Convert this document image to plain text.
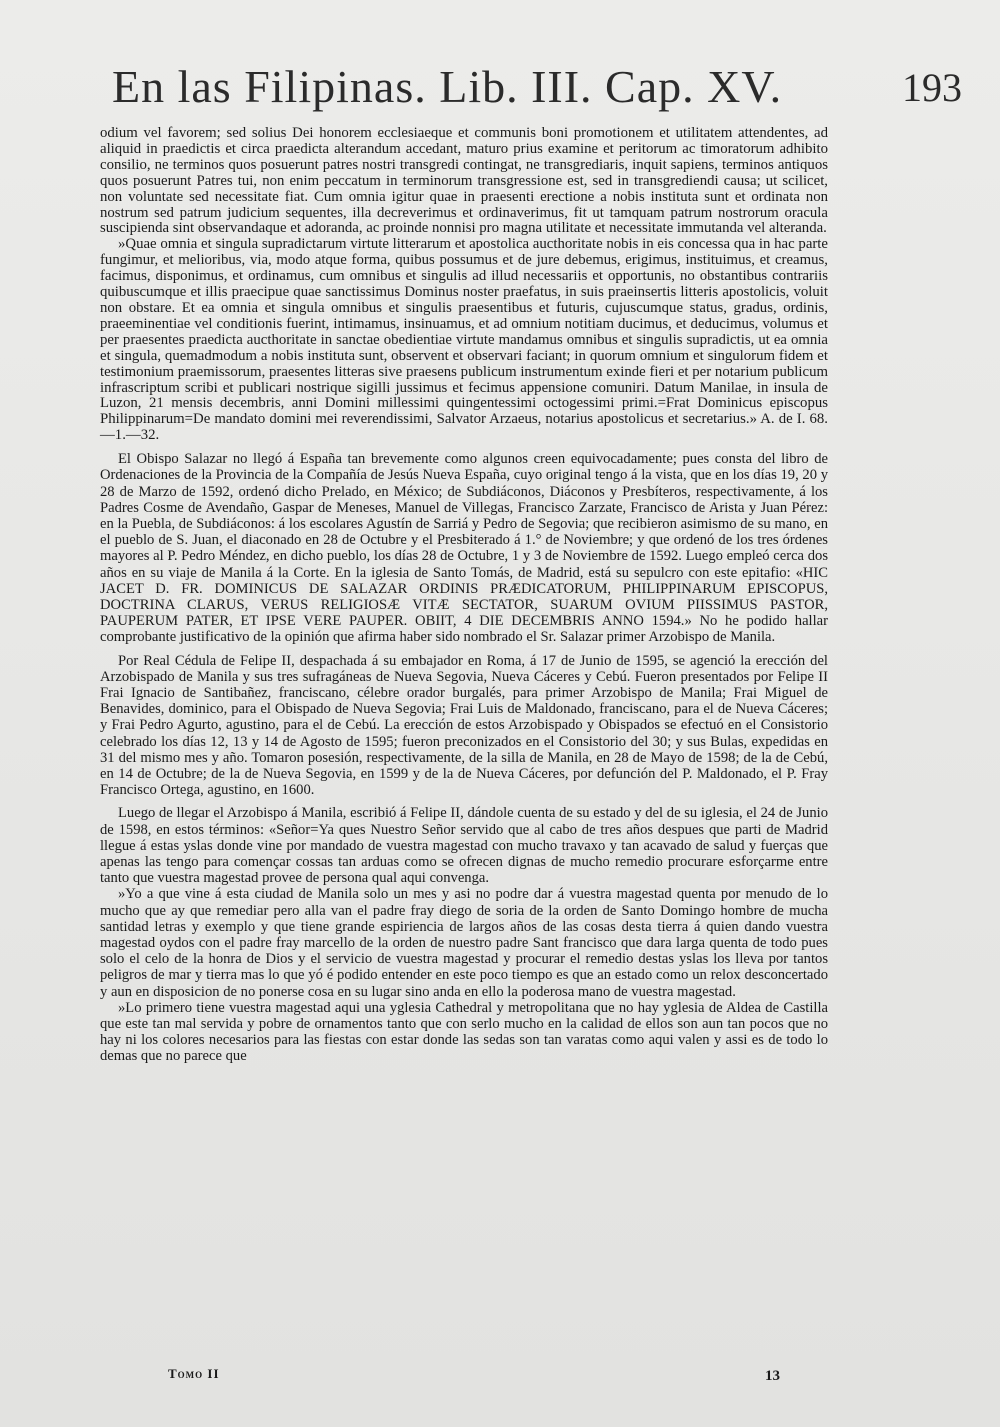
En las Filipinas. Lib. III. Cap. XV.	193

odium vel favorem; sed solius Dei honorem ecclesiaeque et communis boni promotionem et utilitatem attendentes, ad aliquid in praedictis et circa praedicta alterandum accedant, maturo prius examine et peritorum ac timoratorum adhibito consilio, ne terminos quos posuerunt patres nostri transgredi contingat, ne transgrediaris, inquit sapiens, terminos antiquos quos posuerunt Patres tui, non enim peccatum in terminorum transgressione est, sed in transgrediendi causa; ut scilicet, non voluntate sed necessitate fiat. Cum omnia igitur quae in praesenti erectione a nobis instituta sunt et ordinata non nostrum sed patrum judicium sequentes, illa decreverimus et ordinaverimus, fit ut tamquam patrum nostrorum oracula suscipienda sint observandaque et adoranda, ac proinde nonnisi pro magna utilitate et necessitate immutanda vel alteranda.

»Quae omnia et singula supradictarum virtute litterarum et apostolica aucthoritate nobis in eis concessa qua in hac parte fungimur, et melioribus, via, modo atque forma, quibus possumus et de jure debemus, erigimus, instituimus, et creamus, facimus, disponimus, et ordinamus, cum omnibus et singulis ad illud necessariis et opportunis, no obstantibus contrariis quibuscumque et illis praecipue quae sanctissimus Dominus noster praefatus, in suis praeinsertis litteris apostolicis, voluit non obstare. Et ea omnia et singula omnibus et singulis praesentibus et futuris, cujuscumque status, gradus, ordinis, praeeminentiae vel conditionis fuerint, intimamus, insinuamus, et ad omnium notitiam ducimus, et deducimus, volumus et per praesentes praedicta aucthoritate in sanctae obedientiae virtute mandamus omnibus et singulis supradictis, ut ea omnia et singula, quemadmodum a nobis instituta sunt, observent et observari faciant; in quorum omnium et singulorum fidem et testimonium praemissorum, praesentes litteras sive praesens publicum instrumentum exinde fieri et per notarium publicum infrascriptum scribi et publicari nostrique sigilli jussimus et fecimus appensione comuniri. Datum Manilae, in insula de Luzon, 21 mensis decembris, anni Domini millessimi quingentessimi octogessimi primi.=Frat Dominicus episcopus Philippinarum=De mandato domini mei reverendissimi, Salvator Arzaeus, notarius apostolicus et secretarius.» A. de I. 68.—1.—32.

El Obispo Salazar no llegó á España tan brevemente como algunos creen equivocadamente; pues consta del libro de Ordenaciones de la Provincia de la Compañía de Jesús Nueva España, cuyo original tengo á la vista, que en los días 19, 20 y 28 de Marzo de 1592, ordenó dicho Prelado, en México; de Subdiáconos, Diáconos y Presbíteros, respectivamente, á los Padres Cosme de Avendaño, Gaspar de Meneses, Manuel de Villegas, Francisco Zarzate, Francisco de Arista y Juan Pérez: en la Puebla, de Subdiáconos: á los escolares Agustín de Sarriá y Pedro de Segovia; que recibieron asimismo de su mano, en el pueblo de S. Juan, el diaconado en 28 de Octubre y el Presbiterado á 1.° de Noviembre; y que ordenó de los tres órdenes mayores al P. Pedro Méndez, en dicho pueblo, los días 28 de Octubre, 1 y 3 de Noviembre de 1592. Luego empleó cerca dos años en su viaje de Manila á la Corte. En la iglesia de Santo Tomás, de Madrid, está su sepulcro con este epitafio: «HIC JACET D. FR. DOMINICUS DE SALAZAR ORDINIS PRÆDICATORUM, PHILIPPINARUM EPISCOPUS, DOCTRINA CLARUS, VERUS RELIGIOSÆ VITÆ SECTATOR, SUARUM OVIUM PIISSIMUS PASTOR, PAUPERUM PATER, ET IPSE VERE PAUPER. OBIIT, 4 DIE DECEMBRIS ANNO 1594.» No he podido hallar comprobante justificativo de la opinión que afirma haber sido nombrado el Sr. Salazar primer Arzobispo de Manila.

Por Real Cédula de Felipe II, despachada á su embajador en Roma, á 17 de Junio de 1595, se agenció la erección del Arzobispado de Manila y sus tres sufragáneas de Nueva Segovia, Nueva Cáceres y Cebú. Fueron presentados por Felipe II Frai Ignacio de Santibañez, franciscano, célebre orador burgalés, para primer Arzobispo de Manila; Frai Miguel de Benavides, dominico, para el Obispado de Nueva Segovia; Frai Luis de Maldonado, franciscano, para el de Nueva Cáceres; y Frai Pedro Agurto, agustino, para el de Cebú. La erección de estos Arzobispado y Obispados se efectuó en el Consistorio celebrado los días 12, 13 y 14 de Agosto de 1595; fueron preconizados en el Consistorio del 30; y sus Bulas, expedidas en 31 del mismo mes y año. Tomaron posesión, respectivamente, de la silla de Manila, en 28 de Mayo de 1598; de la de Cebú, en 14 de Octubre; de la de Nueva Segovia, en 1599 y de la de Nueva Cáceres, por defunción del P. Maldonado, el P. Fray Francisco Ortega, agustino, en 1600.

Luego de llegar el Arzobispo á Manila, escribió á Felipe II, dándole cuenta de su estado y del de su iglesia, el 24 de Junio de 1598, en estos términos: «Señor=Ya ques Nuestro Señor servido que al cabo de tres años despues que parti de Madrid llegue á estas yslas donde vine por mandado de vuestra magestad con mucho travaxo y tan acavado de salud y fuerças que apenas las tengo para començar cossas tan arduas como se ofrecen dignas de mucho remedio procurare esforçarme entre tanto que vuestra magestad provee de persona qual aqui convenga.

»Yo a que vine á esta ciudad de Manila solo un mes y asi no podre dar á vuestra magestad quenta por menudo de lo mucho que ay que remediar pero alla van el padre fray diego de soria de la orden de Santo Domingo hombre de mucha santidad letras y exemplo y que tiene grande espiriencia de largos años de las cosas desta tierra á quien dando vuestra magestad oydos con el padre fray marcello de la orden de nuestro padre Sant francisco que dara larga quenta de todo pues solo el celo de la honra de Dios y el servicio de vuestra magestad y procurar el remedio destas yslas los lleva por tantos peligros de mar y tierra mas lo que yó é podido entender en este poco tiempo es que an estado como un relox desconcertado y aun en disposicion de no ponerse cosa en su lugar sino anda en ello la poderosa mano de vuestra magestad.

»Lo primero tiene vuestra magestad aqui una yglesia Cathedral y metropolitana que no hay yglesia de Aldea de Castilla que este tan mal servida y pobre de ornamentos tanto que con serlo mucho en la calidad de ellos son aun tan pocos que no hay ni los colores necesarios para las fiestas con estar donde las sedas son tan varatas como aqui valen y assi es de todo lo demas que no parece que

Tomo II	13
